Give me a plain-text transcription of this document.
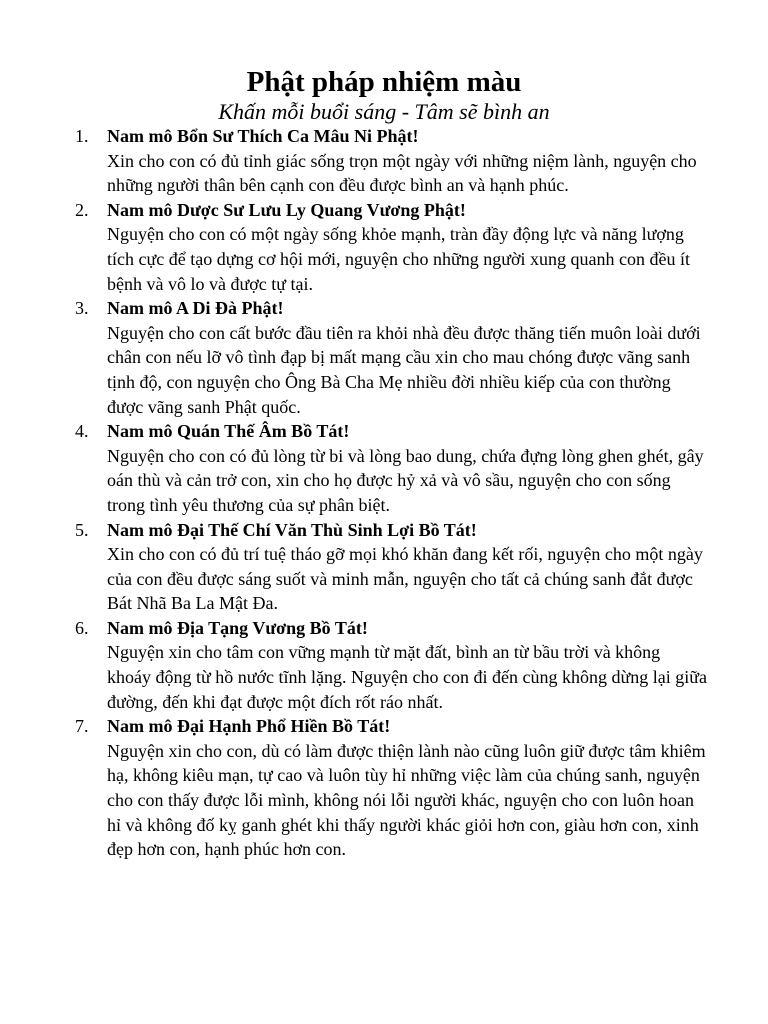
Phật pháp nhiệm màu

Khấn mỗi buổi sáng - Tâm sẽ bình an

1. Nam mô Bổn Sư Thích Ca Mâu Ni Phật!
Xin cho con có đủ tỉnh giác sống trọn một ngày với những niệm lành, nguyện cho những người thân bên cạnh con đều được bình an và hạnh phúc.
2. Nam mô Dược Sư Lưu Ly Quang Vương Phật!
Nguyện cho con có một ngày sống khỏe mạnh, tràn đầy động lực và năng lượng tích cực để tạo dựng cơ hội mới, nguyện cho những người xung quanh con đều ít bệnh và vô lo và được tự tại.
3. Nam mô A Di Đà Phật!
Nguyện cho con cất bước đầu tiên ra khỏi nhà đều được thăng tiến muôn loài dưới chân con nếu lỡ vô tình đạp bị mất mạng cầu xin cho mau chóng được vãng sanh tịnh độ, con nguyện cho Ông Bà Cha Mẹ nhiều đời nhiều kiếp của con thường được vãng sanh Phật quốc.
4. Nam mô Quán Thế Âm Bồ Tát!
Nguyện cho con có đủ lòng từ bi và lòng bao dung, chứa đựng lòng ghen ghét, gây oán thù và cản trở con, xin cho họ được hỷ xả và vô sầu, nguyện cho con sống trong tình yêu thương của sự phân biệt.
5. Nam mô Đại Thế Chí Văn Thù Sinh Lợi Bồ Tát!
Xin cho con có đủ trí tuệ tháo gỡ mọi khó khăn đang kết rối, nguyện cho một ngày của con đều được sáng suốt và minh mẫn, nguyện cho tất cả chúng sanh đắt được Bát Nhã Ba La Mật Đa.
6. Nam mô Địa Tạng Vương Bồ Tát!
Nguyện xin cho tâm con vững mạnh từ mặt đất, bình an từ bầu trời và không khoáy động từ hồ nước tĩnh lặng. Nguyện cho con đi đến cùng không dừng lại giữa đường, đến khi đạt được một đích rốt ráo nhất.
7. Nam mô Đại Hạnh Phổ Hiền Bồ Tát!
Nguyện xin cho con, dù có làm được thiện lành nào cũng luôn giữ được tâm khiêm hạ, không kiêu mạn, tự cao và luôn tùy hỉ những việc làm của chúng sanh, nguyện cho con thấy được lỗi mình, không nói lỗi người khác, nguyện cho con luôn hoan hỉ và không đố kỵ ganh ghét khi thấy người khác giỏi hơn con, giàu hơn con, xinh đẹp hơn con, hạnh phúc hơn con.
